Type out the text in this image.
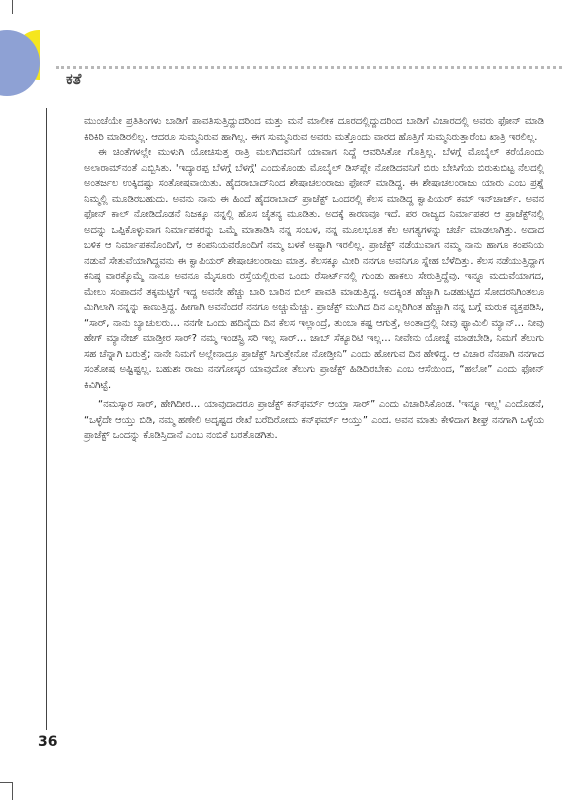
ಕತೆ

ಮುಂಚೆಯೇ ಪ್ರತಿತಿಂಗಳು ಬಾಡಿಗೆ ಪಾವತಿಸುತ್ತಿದ್ದುದರಿಂದ ಮತ್ತು ಮನೆ ಮಾಲೀಕ ದೂರದಲ್ಲಿದ್ದುದರಿಂದ ಬಾಡಿಗೆ ವಿಚಾರದಲ್ಲಿ ಅವರು ಫೋನ್ ಮಾಡಿ ಕಿರಿಕಿರಿ ಮಾಡಿರಲಿಲ್ಲ. ಆದರೂ ಸುಮ್ಮನಿರುವ ಹಾಗಿಲ್ಲ. ಈಗ ಸುಮ್ಮನಿರುವ ಅವರು ಮತ್ತೊಂದು ವಾರದ ಹೊತ್ತಿಗೆ ಸುಮ್ಮನಿರುತ್ತಾರೆಂಬ ಖಾತ್ರಿ ಇರಲಿಲ್ಲ.

ಈ ಚಿಂತೆಗಳಲ್ಲೇ ಮುಳುಗಿ ಯೋಚಿಸುತ್ತ ರಾತ್ರಿ ಮಲಗಿದವನಿಗೆ ಯಾವಾಗ ನಿದ್ದೆ ಆವರಿಸಿತೋ ಗೊತ್ತಿಲ್ಲ. ಬೆಳಗ್ಗೆ ಮೊಬೈಲ್ ಕರೆಯೊಂದು ಅಲಾರಾಮ್‌ನಂತೆ ಎಬ್ಬಿಸಿತು. 'ಇದ್ಯಾರಪ್ಪ ಬೆಳಗ್ಗೆ ಬೆಳಗ್ಗೆ' ಎಂದುಕೊಂಡು ಮೊಬೈಲ್ ಡಿಸ್‌ಪ್ಲೇ ನೋಡಿದವನಿಗೆ ಬಿರು ಬೇಸಿಗೆಯ ಬಿರುಕುಬಿಟ್ಟ ನೆಲದಲ್ಲಿ ಅಂತರ್ಜಲ ಉಕ್ಕಿದಷ್ಟು ಸಂತೋಷವಾಯಿತು. ಹೈದರಾಬಾದ್‌ನಿಂದ ಶೇಷಾಚಲಂರಾಜು ಫೋನ್ ಮಾಡಿದ್ದ. ಈ ಶೇಷಾಚಲಂರಾಜು ಯಾರು ಎಂಬ ಪ್ರಶ್ನೆ ನಿಮ್ಮಲ್ಲಿ ಮೂಡಿರಬಹುದು. ಅವನು ನಾನು ಈ ಹಿಂದೆ ಹೈದರಾಬಾದ್ ಪ್ರಾಜೆಕ್ಟ್ ಒಂದರಲ್ಲಿ ಕೆಲಸ ಮಾಡಿದ್ದ ಕ್ವಾಪಿಯರ್ ಕಮ್ ಇನ್‌ಚಾರ್ಜ್. ಅವನ ಫೋನ್ ಕಾಲ್ ನೋಡಿದೊಡನೆ ನಿಜಕ್ಕೂ ನನ್ನಲ್ಲಿ ಹೊಸ ಚೈತನ್ಯ ಮೂಡಿತು. ಅದಕ್ಕೆ ಕಾರಣವೂ ಇದೆ. ಪರ ರಾಜ್ಯದ ನಿರ್ಮಾಪಕರ ಆ ಪ್ರಾಜೆಕ್ಟ್‌ನಲ್ಲಿ ಅದನ್ನು ಒಪ್ಪಿಕೊಳ್ಳುವಾಗ ನಿರ್ಮಾಪಕರನ್ನು ಒಮ್ಮೆ ಮಾತಾಡಿಸಿ ನನ್ನ ಸಂಬಳ, ನನ್ನ ಮೂಲಭೂತ ಕೆಲ ಅಗತ್ಯಗಳನ್ನು ಚರ್ಚೆ ಮಾಡಲಾಗಿತ್ತು. ಅದಾದ ಬಳಿಕ ಆ ನಿರ್ಮಾಪಕನೊಂದಿಗೆ, ಆ ಕಂಪನಿಯವರೊಂದಿಗೆ ನಮ್ಮ ಬಳಕೆ ಅಷ್ಟಾಗಿ ಇರಲಿಲ್ಲ. ಪ್ರಾಜೆಕ್ಟ್ ನಡೆಯುವಾಗ ನಮ್ಮ ನಾನು ಹಾಗೂ ಕಂಪನಿಯ ನಡುವೆ ಸೇತುವೆಯಾಗಿದ್ದವನು ಈ ಕ್ವಾಪಿಯರ್ ಶೇಷಾಚಲಂರಾಜು ಮಾತ್ರ. ಕೆಲಸಕ್ಕೂ ಮೀರಿ ನನಗೂ ಅವನಿಗೂ ಸ್ನೇಹ ಬೆಳೆದಿತ್ತು. ಕೆಲಸ ನಡೆಯುತ್ತಿದ್ದಾಗ ಕನಿಷ್ಠ ವಾರಕ್ಕೊಮ್ಮೆ ನಾನೂ ಅವನೂ ಮೈಸೂರು ರಸ್ತೆಯಲ್ಲಿರುವ ಒಂದು ರೆಸಾರ್ಟ್‌ನಲ್ಲಿ ಗುಂಡು ಹಾಕಲು ಸೇರುತ್ತಿದ್ದೆವು. ಇನ್ನೂ ಮದುವೆಯಾಗದ, ಮೇಲು ಸಂಪಾದನೆ ತಕ್ಕಮಟ್ಟಿಗೆ ಇದ್ದ ಅವನೇ ಹೆಚ್ಚು ಬಾರಿ ಬಾರಿನ ಬಿಲ್ ಪಾವತಿ ಮಾಡುತ್ತಿದ್ದ. ಅದಕ್ಕಿಂತ ಹೆಚ್ಚಾಗಿ ಒಡಹುಟ್ಟಿದ ಸೋದರನಿಗಿಂತಲೂ ಮಿಗಿಲಾಗಿ ನನ್ನನ್ನು ಕಾಣುತ್ತಿದ್ದ. ಹೀಗಾಗಿ ಅವನೆಂದರೆ ನನಗೂ ಅಚ್ಚುಮೆಚ್ಚು. ಪ್ರಾಜೆಕ್ಟ್ ಮುಗಿದ ದಿನ ಎಲ್ಲರಿಗಿಂತ ಹೆಚ್ಚಾಗಿ ನನ್ನ ಬಗ್ಗೆ ಮರುಕ ವ್ಯಕ್ತಪಡಿಸಿ, “ಸಾರ್, ನಾನು ಬ್ಯಾಚುಲರು… ನನಗೇ ಒಂದು ಹದಿನೈದು ದಿನ ಕೆಲಸ ಇಲ್ಲಾಂದ್ರೆ, ತುಂಬಾ ಕಷ್ಟ ಆಗುತ್ತೆ, ಅಂತಾದ್ರಲ್ಲಿ ನೀವು ಫ್ಯಾಮಿಲಿ ಮ್ಯಾನ್… ನೀವು ಹೇಗ್ ಮ್ಯಾನೇಜ್ ಮಾಡ್ತೀರ ಸಾರ್? ನಮ್ಮ ಇಂಡಸ್ಟ್ರಿ ಸರಿ ಇಲ್ಲ ಸಾರ್… ಜಾಬ್ ಸೆಕ್ಯೂರಿಟಿ ಇಲ್ಲ… ನೀವೇನು ಯೋಚ್ನೆ ಮಾಡಬೇಡಿ, ನಿಮಗೆ ತೆಲುಗು ಸಹ ಚೆನ್ನಾಗಿ ಬರುತ್ತೆ; ನಾನೇ ನಿಮಗೆ ಅಲ್ಲೇನಾದ್ರೂ ಪ್ರಾಜೆಕ್ಟ್ ಸಿಗುತ್ತೇನೋ ನೋಡ್ತೀನಿ” ಎಂದು ಹೋಗುವ ದಿನ ಹೇಳಿದ್ದ. ಆ ವಿಚಾರ ನೆನಪಾಗಿ ನನಗಾದ ಸಂತೋಷ ಅಷ್ಟಿಷ್ಟಲ್ಲ. ಬಹುಶಃ ರಾಜು ನನಗೋಸ್ಕರ ಯಾವುದೋ ತೆಲುಗು ಪ್ರಾಜೆಕ್ಟ್ ಹಿಡಿದಿರಬೇಕು ಎಂಬ ಆಸೆಯಿಂದ, “ಹಲೋ” ಎಂದು ಫೋನ್ ಕಿವಿಗಿಟ್ಟೆ.

“ನಮಸ್ಕಾರ ಸಾರ್, ಹೇಗಿದೀರ… ಯಾವುದಾದರೂ ಪ್ರಾಜೆಕ್ಟ್ ಕನ್‌ಫರ್ಮ್ ಆಯ್ತಾ ಸಾರ್” ಎಂದು ವಿಚಾರಿಸಿಕೊಂಡ. 'ಇನ್ನೂ ಇಲ್ಲ' ಎಂದೊಡನೆ, “ಒಳ್ಳೆದೇ ಆಯ್ತು ಬಿಡಿ, ನಮ್ಮ ಹಣೇಲಿ ಅದೃಷ್ಟದ ರೇಖೆ ಬರೆದಿರೋದು ಕನ್‌ಫರ್ಮ್ ಆಯ್ತು” ಎಂದ. ಅವನ ಮಾತು ಕೇಳಿದಾಗ ಶೀಘ್ರ ನನಗಾಗಿ ಒಳ್ಳೆಯ ಪ್ರಾಜೆಕ್ಟ್ ಒಂದನ್ನು ಕೊಡಿಸ್ತಿದಾನೆ ಎಂಬ ನಂಬಿಕೆ ಬರತೊಡಗಿತು.

36
